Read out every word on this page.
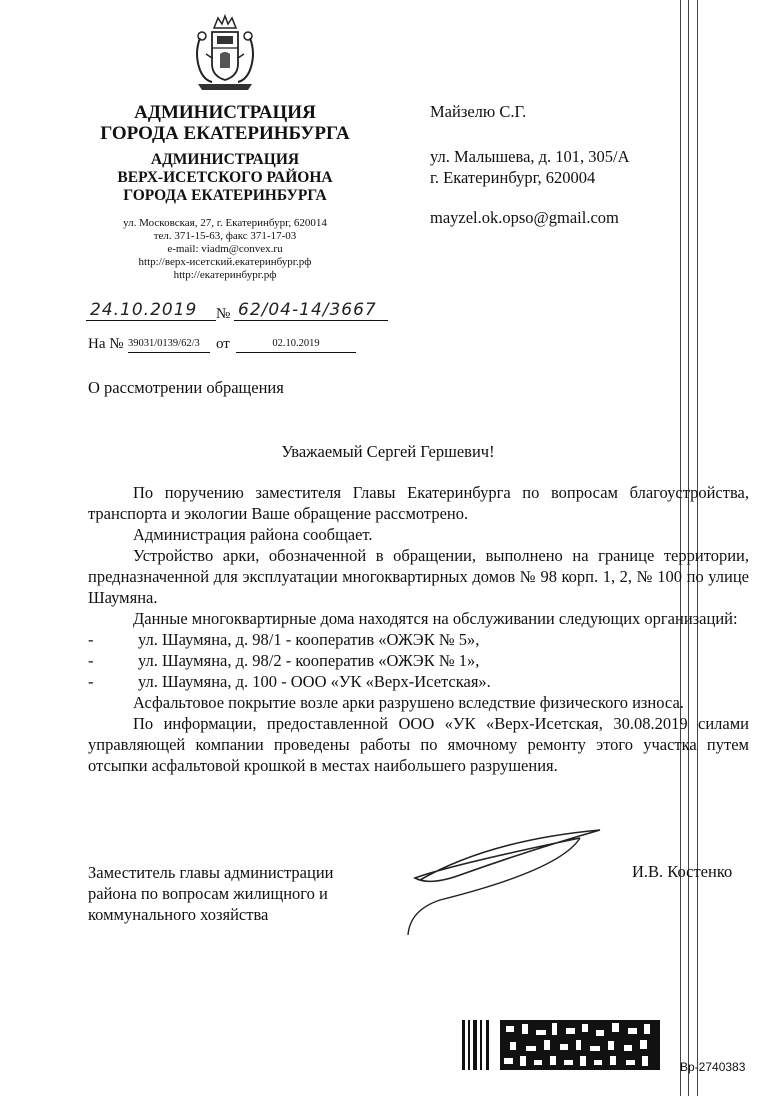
АДМИНИСТРАЦИЯ
ГОРОДА ЕКАТЕРИНБУРГА
АДМИНИСТРАЦИЯ
ВЕРХ-ИСЕТСКОГО РАЙОНА
ГОРОДА ЕКАТЕРИНБУРГА
ул. Московская, 27, г. Екатеринбург, 620014
тел. 371-15-63, факс 371-17-03
e-mail: viadm@convex.ru
http://верх-исетский.екатеринбург.рф
http://екатеринбург.рф
Майзелю С.Г.
ул. Малышева, д. 101, 305/А
г. Екатеринбург, 620004
mayzel.ok.opso@gmail.com
24.10.2019	№ 62/04-14/3667
На № 39031/0139/62/3	от	02.10.2019
О рассмотрении обращения
Уважаемый Сергей Гершевич!

По поручению заместителя Главы Екатеринбурга по вопросам благоустройства, транспорта и экологии Ваше обращение рассмотрено.

Администрация района сообщает.

Устройство арки, обозначенной в обращении, выполнено на границе территории, предназначенной для эксплуатации многоквартирных домов № 98 корп. 1, 2, № 100 по улице Шаумяна.

Данные многоквартирные дома находятся на обслуживании следующих организаций:

-	ул. Шаумяна, д. 98/1 - кооператив «ОЖЭК № 5»,

-	ул. Шаумяна, д. 98/2 - кооператив «ОЖЭК № 1»,

-	ул. Шаумяна, д. 100 - ООО «УК «Верх-Исетская».

Асфальтовое покрытие возле арки разрушено вследствие физического износа.

По информации, предоставленной ООО «УК «Верх-Исетская, 30.08.2019 силами управляющей компании проведены работы по ямочному ремонту этого участка путем отсыпки асфальтовой крошкой в местах наибольшего разрушения.

Заместитель главы администрации
района по вопросам жилищного и
коммунального хозяйства
И.В. Костенко
Вр-2740383
